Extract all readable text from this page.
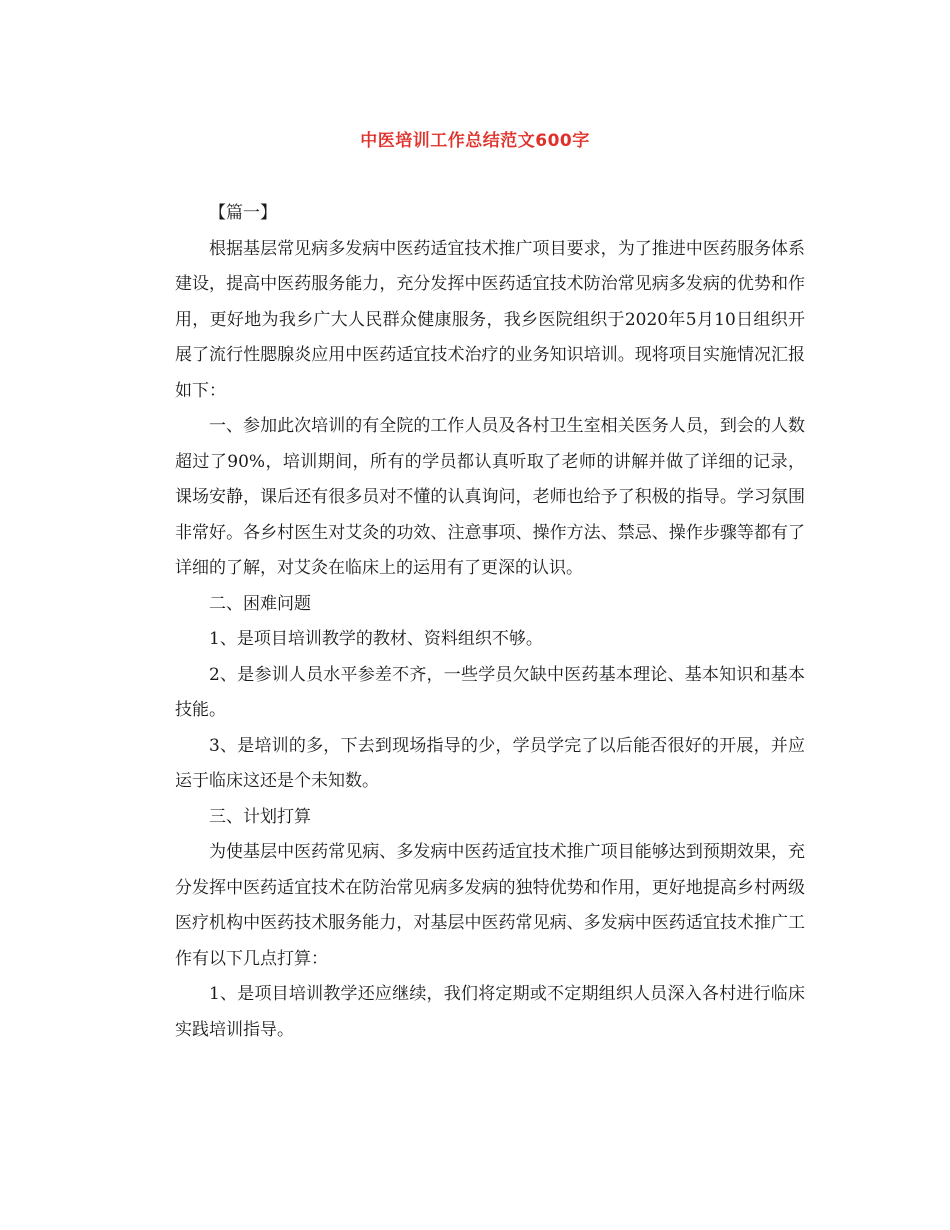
中医培训工作总结范文600字

【篇一】

根据基层常见病多发病中医药适宜技术推广项目要求，为了推进中医药服务体系建设，提高中医药服务能力，充分发挥中医药适宜技术防治常见病多发病的优势和作用，更好地为我乡广大人民群众健康服务，我乡医院组织于2020年5月10日组织开展了流行性腮腺炎应用中医药适宜技术治疗的业务知识培训。现将项目实施情况汇报如下：

一、参加此次培训的有全院的工作人员及各村卫生室相关医务人员，到会的人数超过了90%，培训期间，所有的学员都认真听取了老师的讲解并做了详细的记录，课场安静，课后还有很多员对不懂的认真询问，老师也给予了积极的指导。学习氛围非常好。各乡村医生对艾灸的功效、注意事项、操作方法、禁忌、操作步骤等都有了详细的了解，对艾灸在临床上的运用有了更深的认识。

二、困难问题

1、是项目培训教学的教材、资料组织不够。

2、是参训人员水平参差不齐，一些学员欠缺中医药基本理论、基本知识和基本技能。

3、是培训的多，下去到现场指导的少，学员学完了以后能否很好的开展，并应运于临床这还是个未知数。

三、计划打算

为使基层中医药常见病、多发病中医药适宜技术推广项目能够达到预期效果，充分发挥中医药适宜技术在防治常见病多发病的独特优势和作用，更好地提高乡村两级医疗机构中医药技术服务能力，对基层中医药常见病、多发病中医药适宜技术推广工作有以下几点打算：

1、是项目培训教学还应继续，我们将定期或不定期组织人员深入各村进行临床实践培训指导。
